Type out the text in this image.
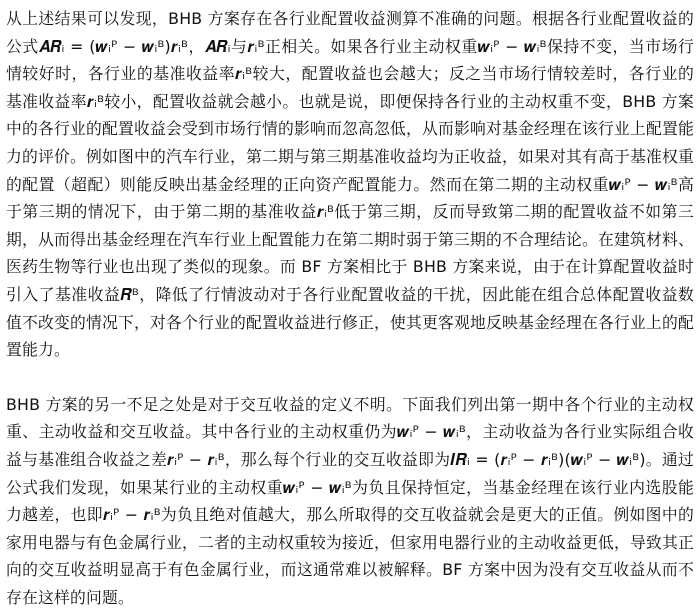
从上述结果可以发现，BHB 方案存在各行业配置收益测算不准确的问题。根据各行业配置收益的公式𝑨𝑹ᵢ = (𝒘ᵢᴾ − 𝒘ᵢᴮ)𝒓ᵢᴮ，𝑨𝑹ᵢ与𝒓ᵢᴮ正相关。如果各行业主动权重𝒘ᵢᴾ − 𝒘ᵢᴮ保持不变，当市场行情较好时，各行业的基准收益率𝒓ᵢᴮ较大，配置收益也会越大；反之当市场行情较差时，各行业的基准收益率𝒓ᵢᴮ较小，配置收益就会越小。也就是说，即便保持各行业的主动权重不变，BHB 方案中的各行业的配置收益会受到市场行情的影响而忽高忽低，从而影响对基金经理在该行业上配置能力的评价。例如图中的汽车行业，第二期与第三期基准收益均为正收益，如果对其有高于基准权重的配置（超配）则能反映出基金经理的正向资产配置能力。然而在第二期的主动权重𝒘ᵢᴾ − 𝒘ᵢᴮ高于第三期的情况下，由于第二期的基准收益𝒓ᵢᴮ低于第三期，反而导致第二期的配置收益不如第三期，从而得出基金经理在汽车行业上配置能力在第二期时弱于第三期的不合理结论。在建筑材料、医药生物等行业也出现了类似的现象。而 BF 方案相比于 BHB 方案来说，由于在计算配置收益时引入了基准收益𝑹ᴮ，降低了行情波动对于各行业配置收益的干扰，因此能在组合总体配置收益数值不改变的情况下，对各个行业的配置收益进行修正，使其更客观地反映基金经理在各行业上的配置能力。

BHB 方案的另一不足之处是对于交互收益的定义不明。下面我们列出第一期中各个行业的主动权重、主动收益和交互收益。其中各行业的主动权重仍为𝒘ᵢᴾ − 𝒘ᵢᴮ，主动收益为各行业实际组合收益与基准组合收益之差𝒓ᵢᴾ − 𝒓ᵢᴮ，那么每个行业的交互收益即为𝑰𝑹ᵢ = (𝒓ᵢᴾ − 𝒓ᵢᴮ)(𝒘ᵢᴾ − 𝒘ᵢᴮ)。通过公式我们发现，如果某行业的主动权重𝒘ᵢᴾ − 𝒘ᵢᴮ为负且保持恒定，当基金经理在该行业内选股能力越差，也即𝒓ᵢᴾ − 𝒓ᵢᴮ为负且绝对值越大，那么所取得的交互收益就会是更大的正值。例如图中的家用电器与有色金属行业，二者的主动权重较为接近，但家用电器行业的主动收益更低，导致其正向的交互收益明显高于有色金属行业，而这通常难以被解释。BF 方案中因为没有交互收益从而不存在这样的问题。
